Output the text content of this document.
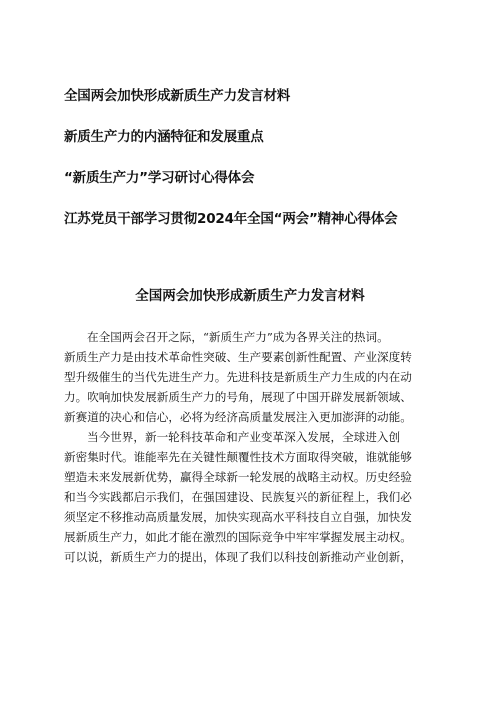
全国两会加快形成新质生产力发言材料
新质生产力的内涵特征和发展重点
“新质生产力”学习研讨心得体会
江苏党员干部学习贯彻2024年全国“两会”精神心得体会
全国两会加快形成新质生产力发言材料
在全国两会召开之际，“新质生产力”成为各界关注的热词。
新质生产力是由技术革命性突破、生产要素创新性配置、产业深度转
型升级催生的当代先进生产力。先进科技是新质生产力生成的内在动
力。吹响加快发展新质生产力的号角，展现了中国开辟发展新领域、
新赛道的决心和信心，必将为经济高质量发展注入更加澎湃的动能。
当今世界，新一轮科技革命和产业变革深入发展，全球进入创
新密集时代。谁能率先在关键性颠覆性技术方面取得突破，谁就能够
塑造未来发展新优势，赢得全球新一轮发展的战略主动权。历史经验
和当今实践都启示我们，在强国建设、民族复兴的新征程上，我们必
须坚定不移推动高质量发展，加快实现高水平科技自立自强，加快发
展新质生产力，如此才能在激烈的国际竞争中牢牢掌握发展主动权。
可以说，新质生产力的提出，体现了我们以科技创新推动产业创新，
